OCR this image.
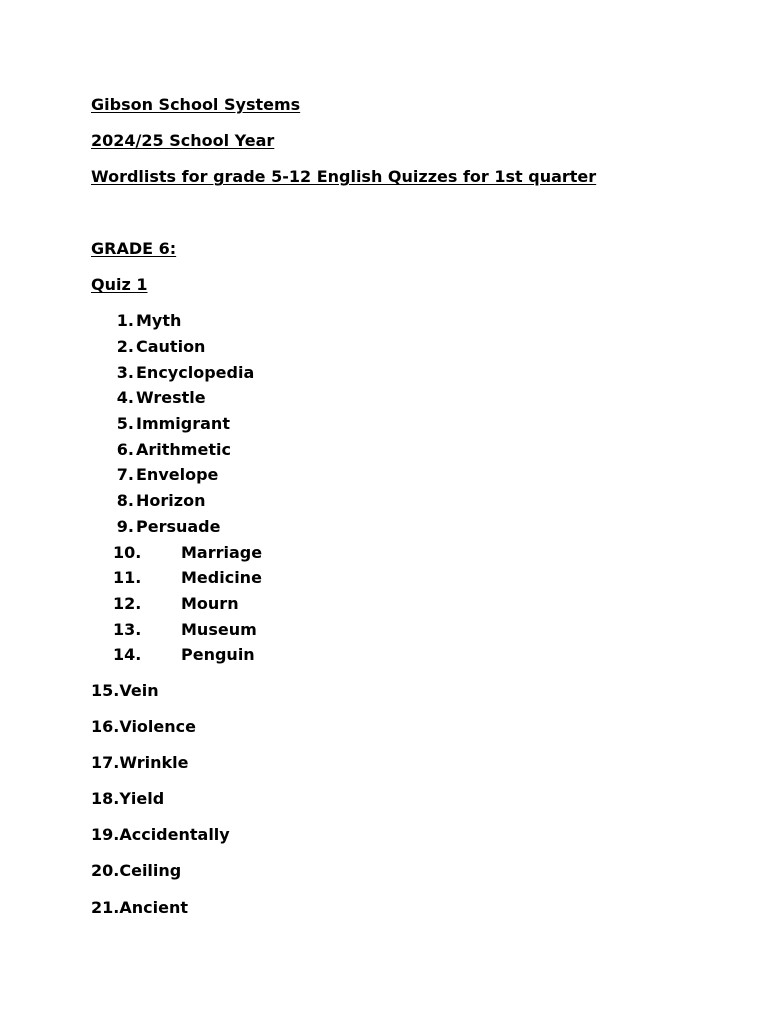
Gibson School Systems
2024/25 School Year
Wordlists for grade 5-12 English Quizzes for 1st quarter
GRADE 6:
Quiz 1
1. Myth
2. Caution
3. Encyclopedia
4. Wrestle
5. Immigrant
6. Arithmetic
7. Envelope
8. Horizon
9. Persuade
10. Marriage
11. Medicine
12. Mourn
13. Museum
14. Penguin
15.Vein
16.Violence
17.Wrinkle
18.Yield
19.Accidentally
20.Ceiling
21.Ancient
